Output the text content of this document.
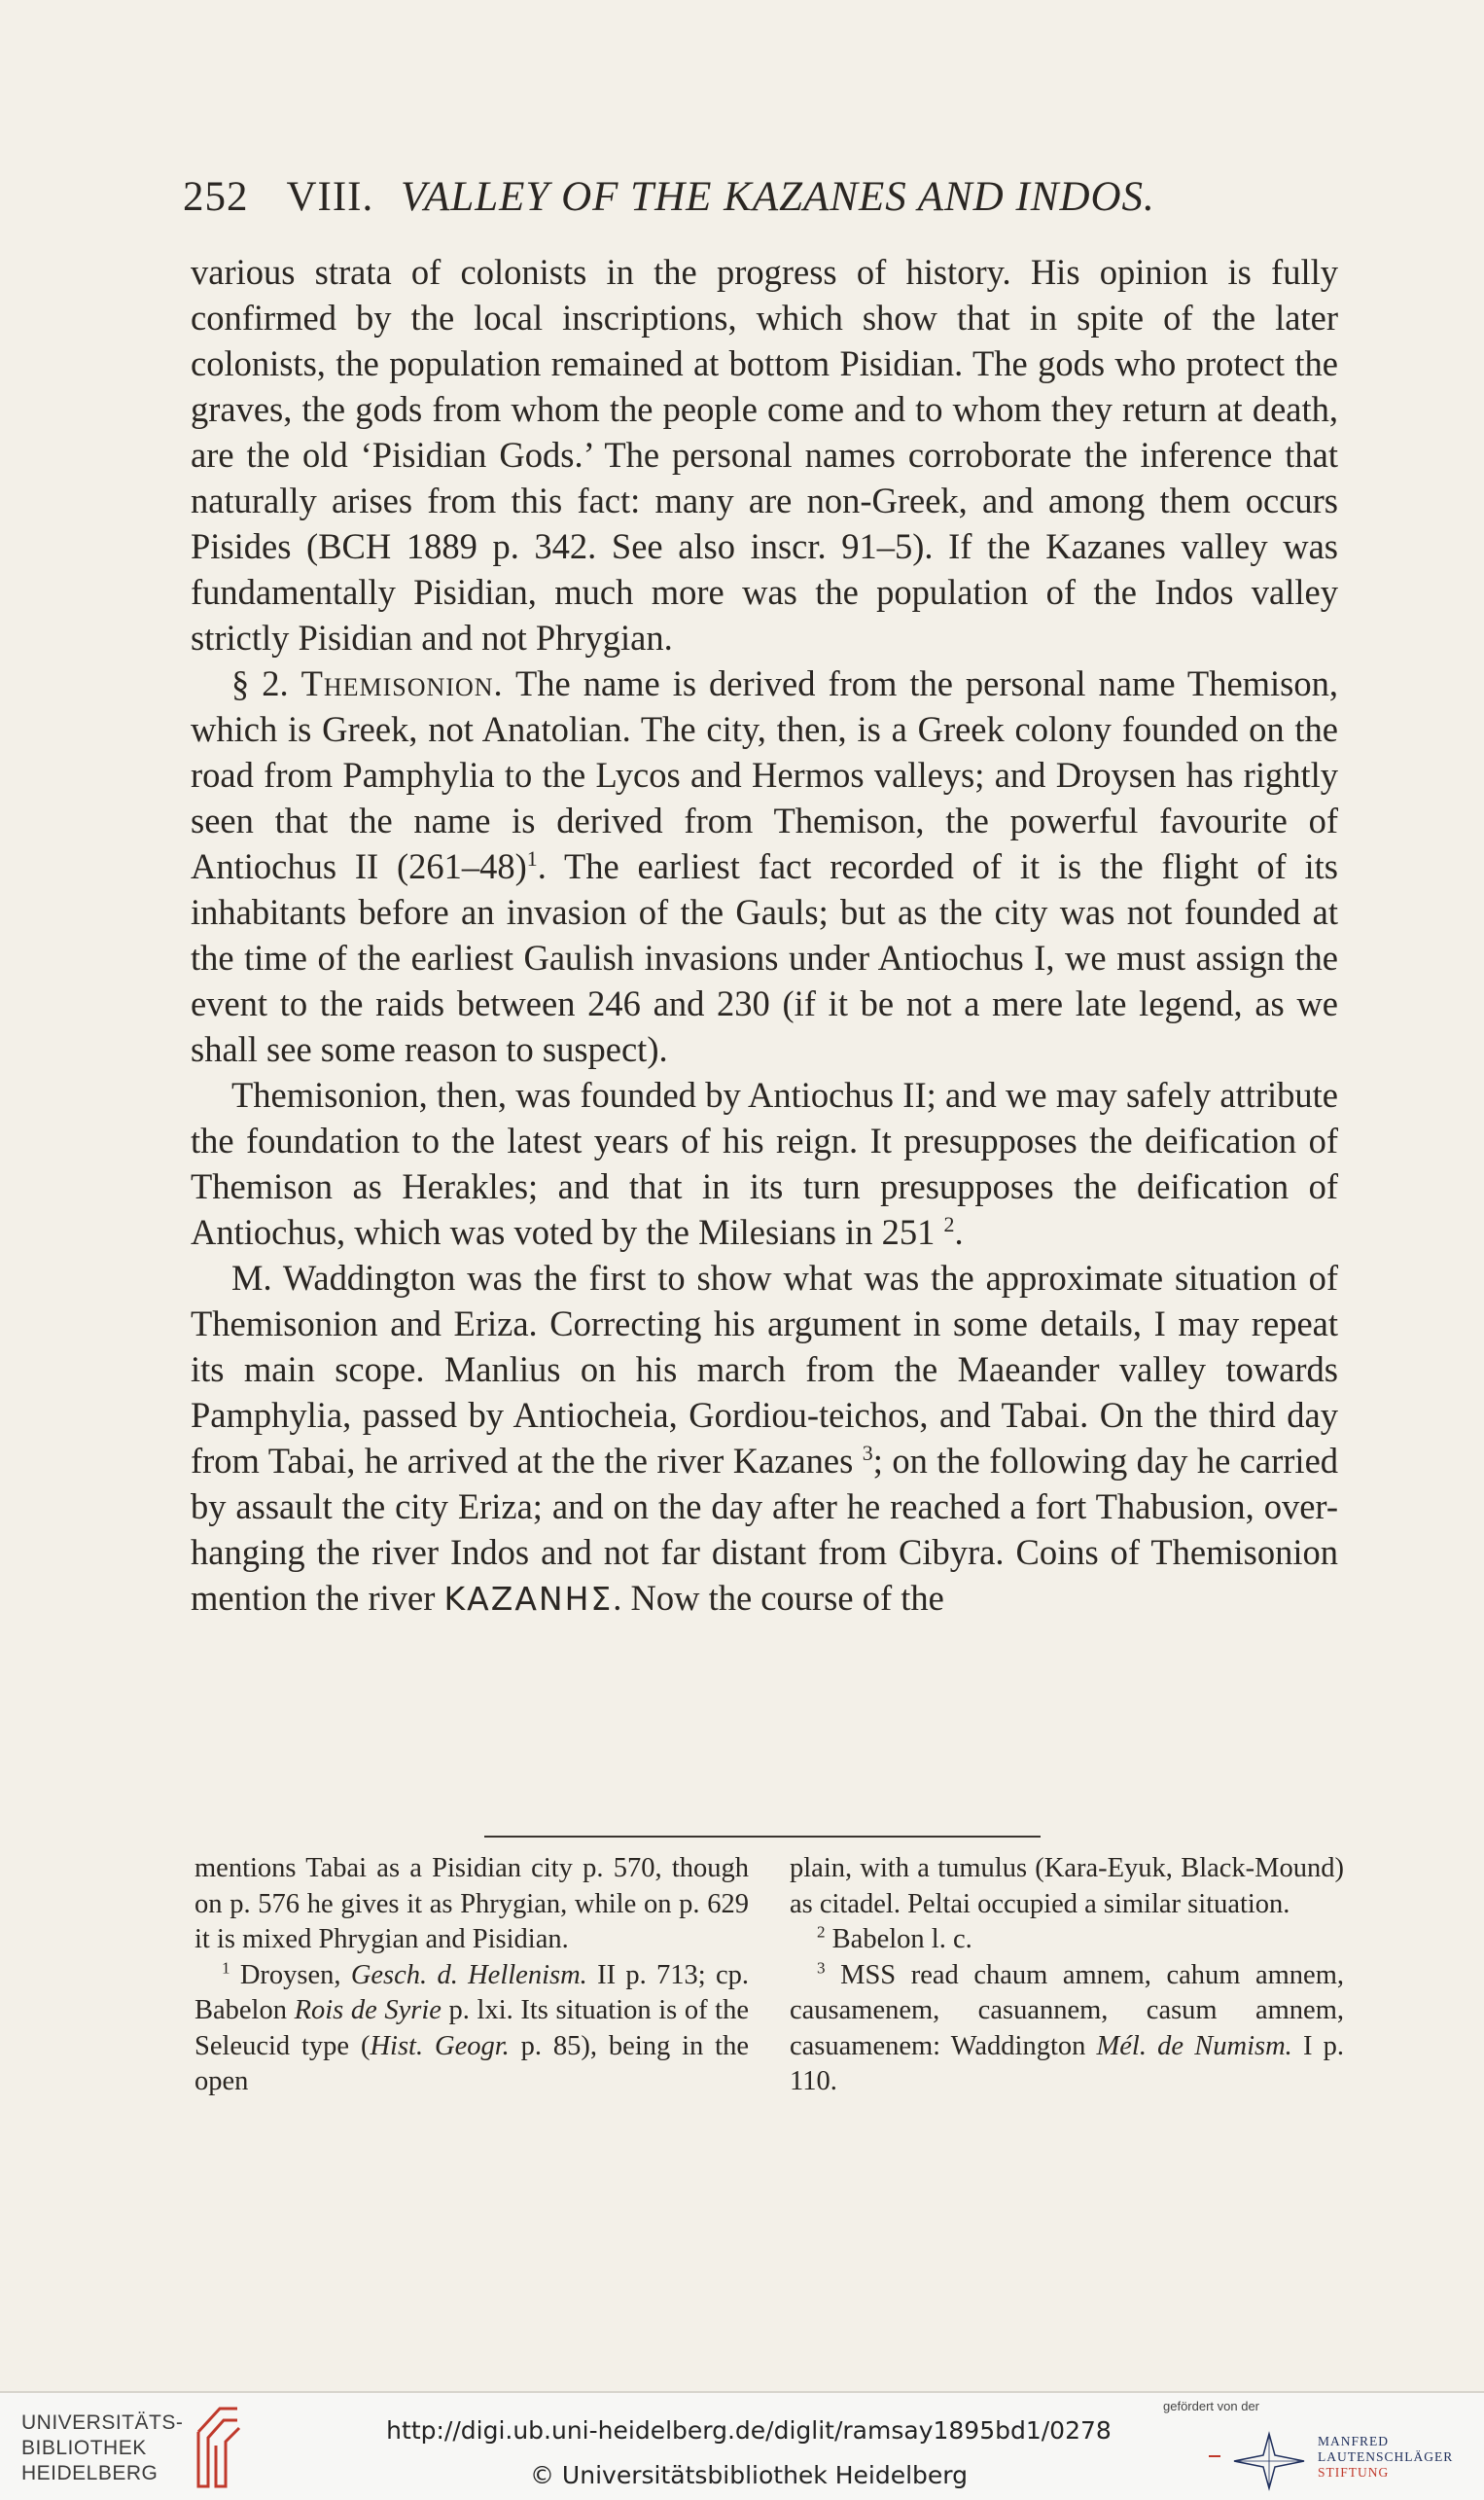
252 VIII. VALLEY OF THE KAZANES AND INDOS.

various strata of colonists in the progress of history. His opinion is fully confirmed by the local inscriptions, which show that in spite of the later colonists, the population remained at bottom Pisidian. The gods who protect the graves, the gods from whom the people come and to whom they return at death, are the old ‘Pisidian Gods.’ The personal names corroborate the inference that naturally arises from this fact: many are non-Greek, and among them occurs Pisides (BCH 1889 p. 342. See also inscr. 91–5). If the Kazanes valley was fundamentally Pisidian, much more was the population of the Indos valley strictly Pisidian and not Phrygian.

§ 2. Themisonion. The name is derived from the personal name Themison, which is Greek, not Anatolian. The city, then, is a Greek colony founded on the road from Pamphylia to the Lycos and Hermos valleys; and Droysen has rightly seen that the name is derived from Themison, the powerful favourite of Antiochus II $(261-48)^1$. The earliest fact recorded of it is the flight of its inhabitants before an invasion of the Gauls; but as the city was not founded at the time of the earliest Gaulish invasions under Antiochus I, we must assign the event to the raids between 246 and 230 (if it be not a mere late legend, as we shall see some reason to suspect).

Themisonion, then, was founded by Antiochus II; and we may safely attribute the foundation to the latest years of his reign. It presupposes the deification of Themison as Herakles; and that in its turn presupposes the deification of Antiochus, which was voted by the Milesians in 251 $^2$.

M. Waddington was the first to show what was the approximate situation of Themisonion and Eriza. Correcting his argument in some details, I may repeat its main scope. Manlius on his march from the Maeander valley towards Pamphylia, passed by Antiocheia, Gordiou-teichos, and Tabai. On the third day from Tabai, he arrived at the the river Kazanes $^3$; on the following day he carried by assault the city Eriza; and on the day after he reached a fort Thabusion, over-hanging the river Indos and not far distant from Cibyra. Coins of Themisonion mention the river ΚΑΖΑΝΗΣ. Now the course of the

mentions Tabai as a Pisidian city p. 570, though on p. 576 he gives it as Phrygian, while on p. 629 it is mixed Phrygian and Pisidian.

$^1$ Droysen, Gesch. d. Hellenism. II p. 713; cp. Babelon Rois de Syrie p. lxi. Its situation is of the Seleucid type (Hist. Geogr. p. 85), being in the open

plain, with a tumulus (Kara-Eyuk, Black-Mound) as citadel. Peltai occupied a similar situation.

$^2$ Babelon l. c.

$^3$ MSS read chaum amnem, cahum amnem, causamenem, casuannem, casum amnem, casuamenem: Waddington Mél. de Numism. I p. 110.

UNIVERSITÄTS-
BIBLIOTHEK
HEIDELBERG
http://digi.ub.uni-heidelberg.de/diglit/ramsay1895bd1/0278
© Universitätsbibliothek Heidelberg
gefördert von der
MANFRED
LAUTENSCHLÄGER
STIFTUNG
